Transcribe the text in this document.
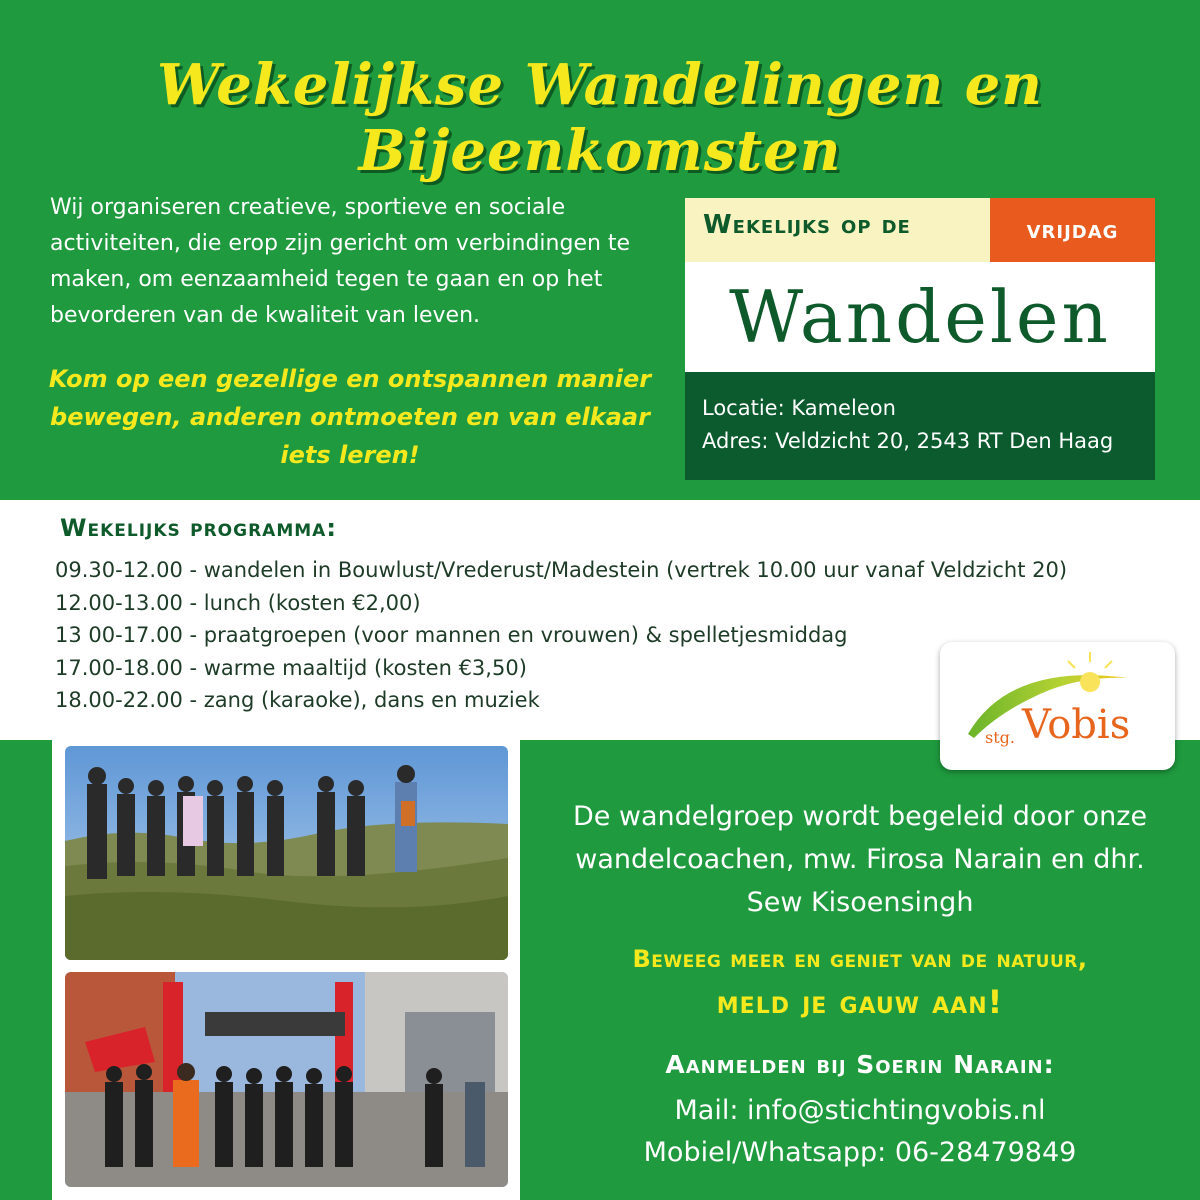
Wekelijkse Wandelingen en Bijeenkomsten
Wij organiseren creatieve, sportieve en sociale activiteiten, die erop zijn gericht om verbindingen te maken, om eenzaamheid tegen te gaan en op het bevorderen van de kwaliteit van leven.
Kom op een gezellige en ontspannen manier bewegen, anderen ontmoeten en van elkaar iets leren!
Wekelijks op de	vrijdag
Wandelen
Locatie: Kameleon
Adres: Veldzicht 20, 2543 RT Den Haag
Wekelijks programma:
09.30-12.00 - wandelen in Bouwlust/Vrederust/Madestein (vertrek 10.00 uur vanaf Veldzicht 20)
12.00-13.00 - lunch (kosten €2,00)
13 00-17.00 - praatgroepen (voor mannen en vrouwen) & spelletjesmiddag
17.00-18.00 - warme maaltijd (kosten €3,50)
18.00-22.00 - zang (karaoke), dans en muziek
stg. Vobis
De wandelgroep wordt begeleid door onze wandelcoachen, mw. Firosa Narain en dhr. Sew Kisoensingh
Beweeg meer en geniet van de natuur,
meld je gauw aan!
Aanmelden bij Soerin Narain:
Mail: info@stichtingvobis.nl
Mobiel/Whatsapp: 06-28479849
